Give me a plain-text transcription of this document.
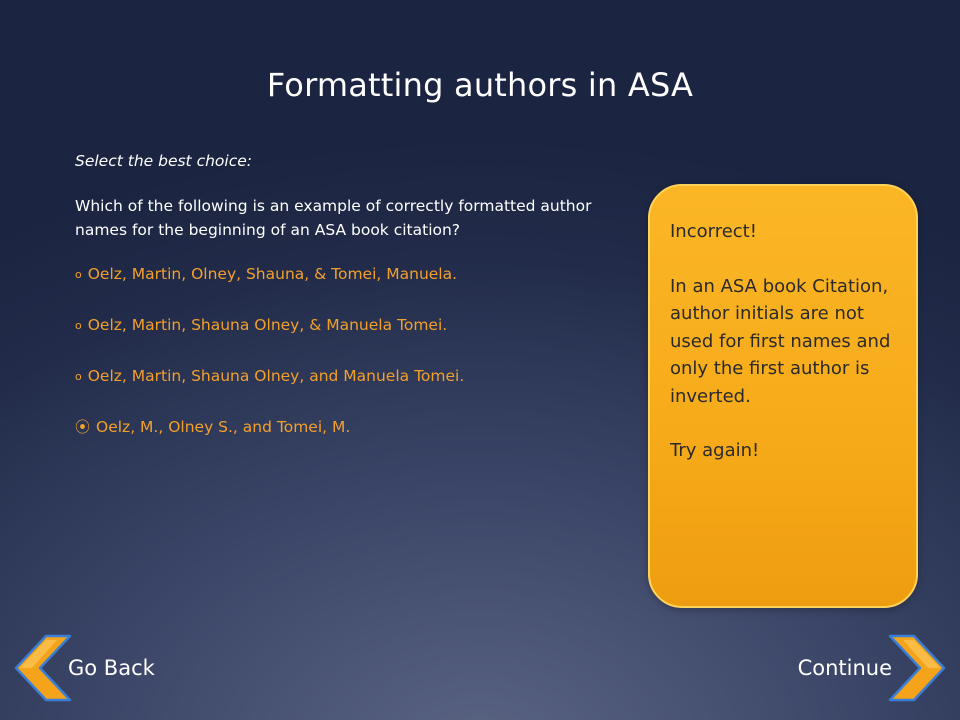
Formatting authors in ASA

Select the best choice:

Which of the following is an example of correctly formatted author names for the beginning of an ASA book citation?

o Oelz, Martin, Olney, Shauna, & Tomei, Manuela.
o Oelz, Martin, Shauna Olney, & Manuela Tomei.
o Oelz, Martin, Shauna Olney, and Manuela Tomei.
⦿ Oelz, M., Olney S., and Tomei, M.

Incorrect!

In an ASA book Citation, author initials are not used for first names and only the first author is inverted.

Try again!

Go Back	Continue
